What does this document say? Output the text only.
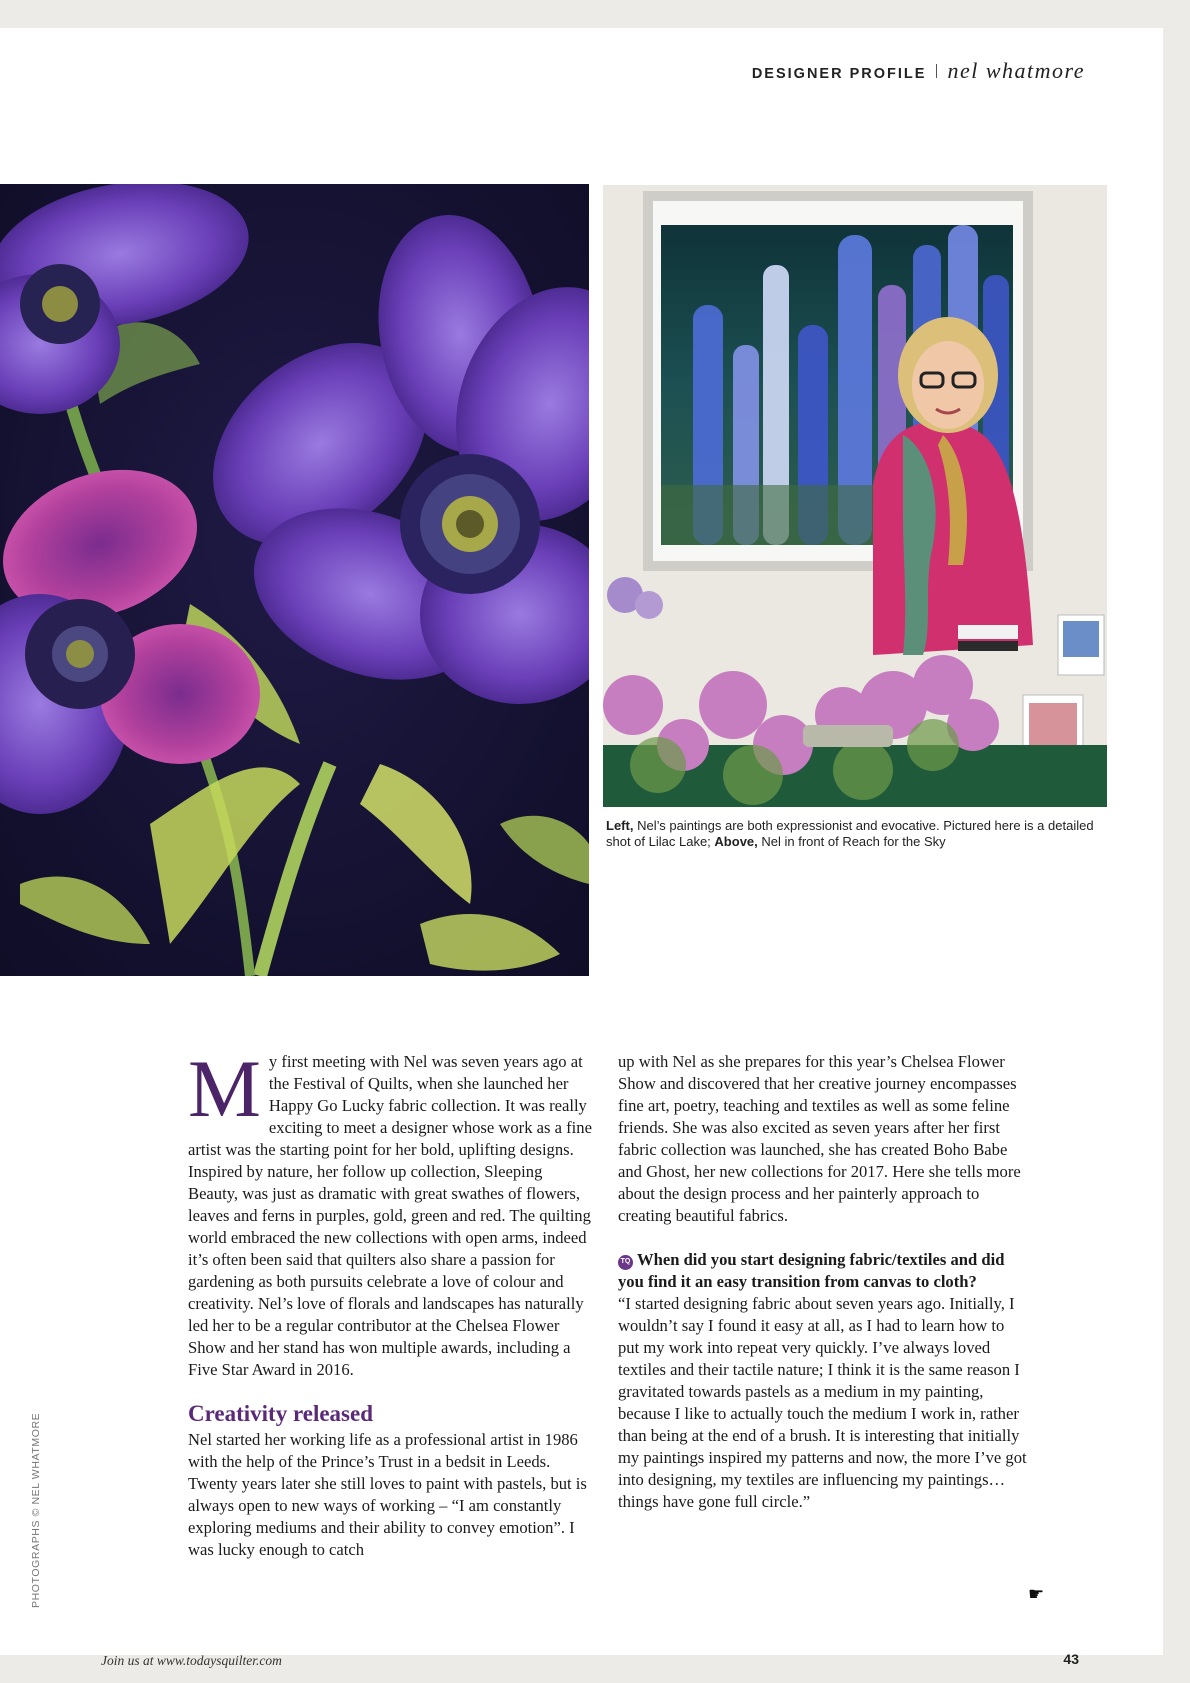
DESIGNER PROFILE nel whatmore
Left, Nel’s paintings are both expressionist and evocative. Pictured here is a detailed shot of Lilac Lake; Above, Nel in front of Reach for the Sky

My first meeting with Nel was seven years ago at the Festival of Quilts, when she launched her Happy Go Lucky fabric collection. It was really exciting to meet a designer whose work as a fine artist was the starting point for her bold, uplifting designs. Inspired by nature, her follow up collection, Sleeping Beauty, was just as dramatic with great swathes of flowers, leaves and ferns in purples, gold, green and red. The quilting world embraced the new collections with open arms, indeed it’s often been said that quilters also share a passion for gardening as both pursuits celebrate a love of colour and creativity. Nel’s love of florals and landscapes has naturally led her to be a regular contributor at the Chelsea Flower Show and her stand has won multiple awards, including a Five Star Award in 2016.

Creativity released

Nel started her working life as a professional artist in 1986 with the help of the Prince’s Trust in a bedsit in Leeds. Twenty years later she still loves to paint with pastels, but is always open to new ways of working – “I am constantly exploring mediums and their ability to convey emotion”. I was lucky enough to catch

up with Nel as she prepares for this year’s Chelsea Flower Show and discovered that her creative journey encompasses fine art, poetry, teaching and textiles as well as some feline friends. She was also excited as seven years after her first fabric collection was launched, she has created Boho Babe and Ghost, her new collections for 2017. Here she tells more about the design process and her painterly approach to creating beautiful fabrics.

TQ When did you start designing fabric/textiles and did you find it an easy transition from canvas to cloth?

“I started designing fabric about seven years ago. Initially, I wouldn’t say I found it easy at all, as I had to learn how to put my work into repeat very quickly. I’ve always loved textiles and their tactile nature; I think it is the same reason I gravitated towards pastels as a medium in my painting, because I like to actually touch the medium I work in, rather than being at the end of a brush. It is interesting that initially my paintings inspired my patterns and now, the more I’ve got into designing, my textiles are influencing my paintings… things have gone full circle.”

☛
PHOTOGRAPHS © NEL WHATMORE
Join us at www.todaysquilter.com	43
